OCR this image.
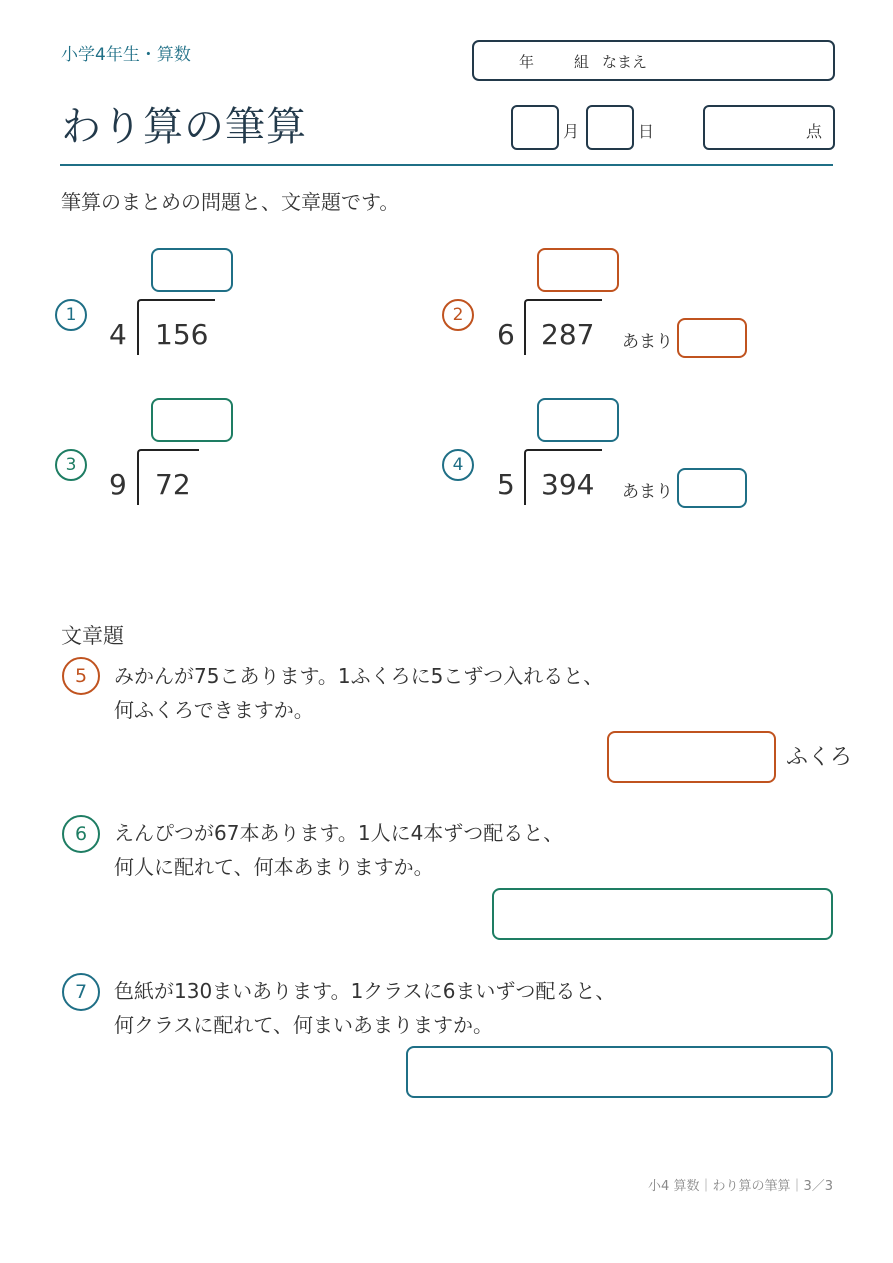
小学4年生・算数	年	組 なまえ
わり算の筆算	月	日	点
筆算のまとめの問題と、文章題です。
1
4 156
2
6 287 あまり
3
9 72
4
5 394 あまり
文章題
5	みかんが75こあります。1ふくろに5こずつ入れると、
何ふくろできますか。
ふくろ
6	えんぴつが67本あります。1人に4本ずつ配ると、
何人に配れて、何本あまりますか。
7	色紙が130まいあります。1クラスに6まいずつ配ると、
何クラスに配れて、何まいあまりますか。
小4 算数｜わり算の筆算｜3／3
